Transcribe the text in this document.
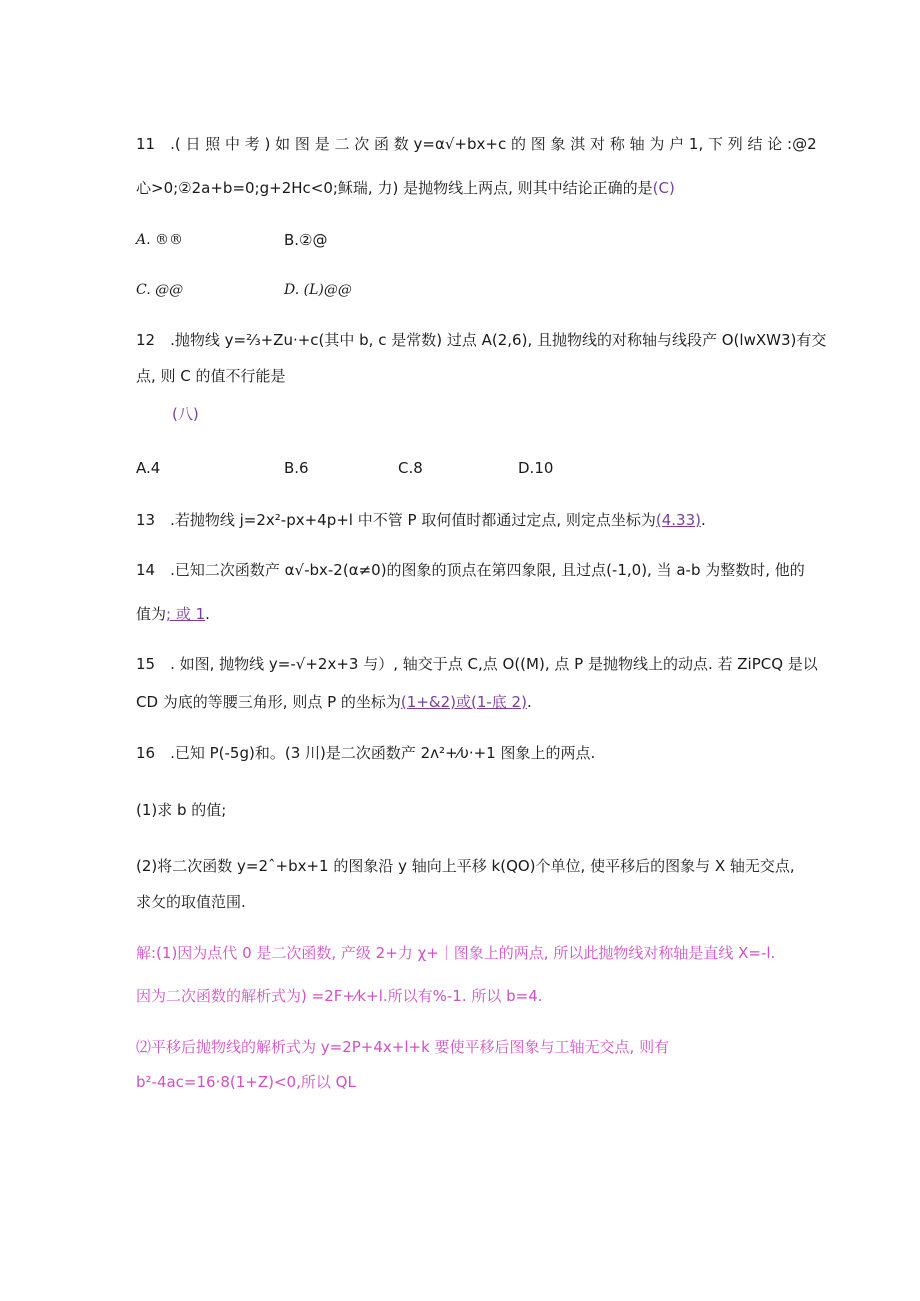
11　.( 日 照 中 考 ) 如 图 是 二 次 函 数 y=α√+bx+c 的 图 象 淇 对 称 轴 为 户 1, 下 列 结 论 :@2
心>0;②2a+b=0;g+2Hc<0;稣瑞, 力) 是抛物线上两点, 则其中结论正确的是(C)
A. ®®	B.②@
C. @@	D. (L)@@
12　.抛物线 y=⅔+Zu·+c(其中 b, c 是常数) 过点 A(2,6), 且抛物线的对称轴与线段产 O(lwXW3)有交
点, 则 C 的值不行能是
(八)
A.4	B.6	C.8	D.10
13　.若抛物线 j=2x²-px+4p+l 中不管 P 取何值时都通过定点, 则定点坐标为(4.33).
14　.已知二次函数产 α√-bx-2(α≠0)的图象的顶点在第四象限, 且过点(-1,0), 当 a-b 为整数时, 他的
值为; 或 1.
15　. 如图, 抛物线 y=-√+2x+3 与）, 轴交于点 C,点 O((M), 点 P 是抛物线上的动点. 若 ZiPCQ 是以
CD 为底的等腰三角形, 则点 P 的坐标为(1+&2)或(1-底 2).
16　.已知 P(-5g)和。(3 川)是二次函数产 2ʌ²+⁄υ·+1 图象上的两点.
(1)求 b 的值;
(2)将二次函数 y=2ˆ+bx+1 的图象沿 y 轴向上平移 k(QO)个单位, 使平移后的图象与 X 轴无交点,
求攵的取值范围.
解:(1)因为点代 0 是二次函数, 产级 2+力 χ+｜图象上的两点, 所以此抛物线对称轴是直线 X=-l.
因为二次函数的解析式为) =2F+⁄k+l.所以有%-1. 所以 b=4.
⑵平移后抛物线的解析式为 y=2P+4x+l+k 要使平移后图象与工轴无交点, 则有
b²-4ac=16·8(1+Z)<0,所以 QL
